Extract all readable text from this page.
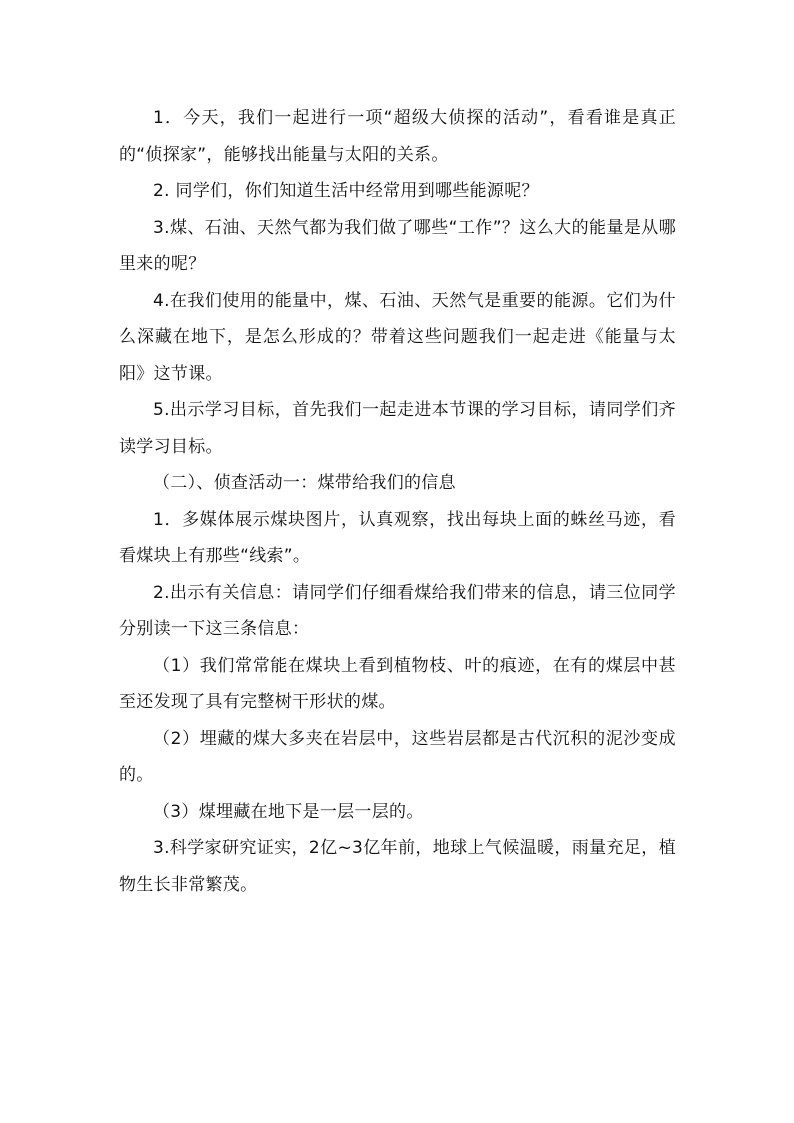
1．今天，我们一起进行一项“超级大侦探的活动”，看看谁是真正的“侦探家”，能够找出能量与太阳的关系。

2. 同学们，你们知道生活中经常用到哪些能源呢？

3.煤、石油、天然气都为我们做了哪些“工作”？这么大的能量是从哪里来的呢？

4.在我们使用的能量中，煤、石油、天然气是重要的能源。它们为什么深藏在地下，是怎么形成的？带着这些问题我们一起走进《能量与太阳》这节课。

5.出示学习目标，首先我们一起走进本节课的学习目标，请同学们齐读学习目标。

（二）、侦查活动一：煤带给我们的信息

1．多媒体展示煤块图片，认真观察，找出每块上面的蛛丝马迹，看看煤块上有那些“线索”。

2.出示有关信息：请同学们仔细看煤给我们带来的信息，请三位同学分别读一下这三条信息：

（1）我们常常能在煤块上看到植物枝、叶的痕迹，在有的煤层中甚至还发现了具有完整树干形状的煤。

（2）埋藏的煤大多夹在岩层中，这些岩层都是古代沉积的泥沙变成的。

（3）煤埋藏在地下是一层一层的。

3.科学家研究证实，2亿~3亿年前，地球上气候温暖，雨量充足，植物生长非常繁茂。
